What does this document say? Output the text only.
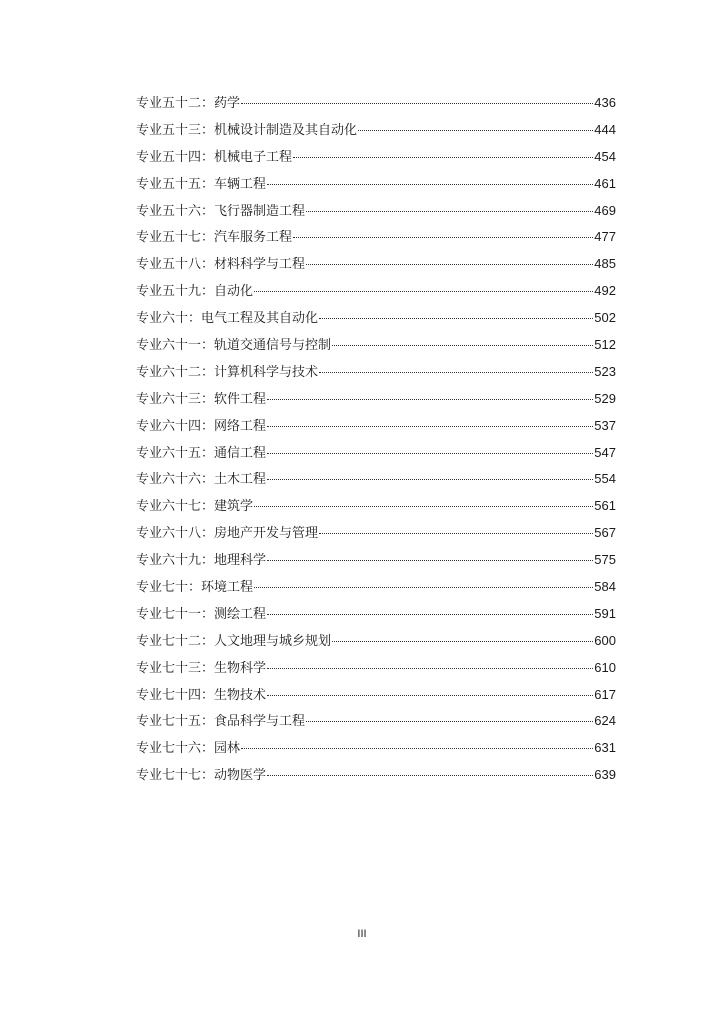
专业五十二：药学	436
专业五十三：机械设计制造及其自动化	444
专业五十四：机械电子工程	454
专业五十五：车辆工程	461
专业五十六：飞行器制造工程	469
专业五十七：汽车服务工程	477
专业五十八：材料科学与工程	485
专业五十九：自动化	492
专业六十：电气工程及其自动化	502
专业六十一：轨道交通信号与控制	512
专业六十二：计算机科学与技术	523
专业六十三：软件工程	529
专业六十四：网络工程	537
专业六十五：通信工程	547
专业六十六：土木工程	554
专业六十七：建筑学	561
专业六十八：房地产开发与管理	567
专业六十九：地理科学	575
专业七十：环境工程	584
专业七十一：测绘工程	591
专业七十二：人文地理与城乡规划	600
专业七十三：生物科学	610
专业七十四：生物技术	617
专业七十五：食品科学与工程	624
专业七十六：园林	631
专业七十七：动物医学	639
III
